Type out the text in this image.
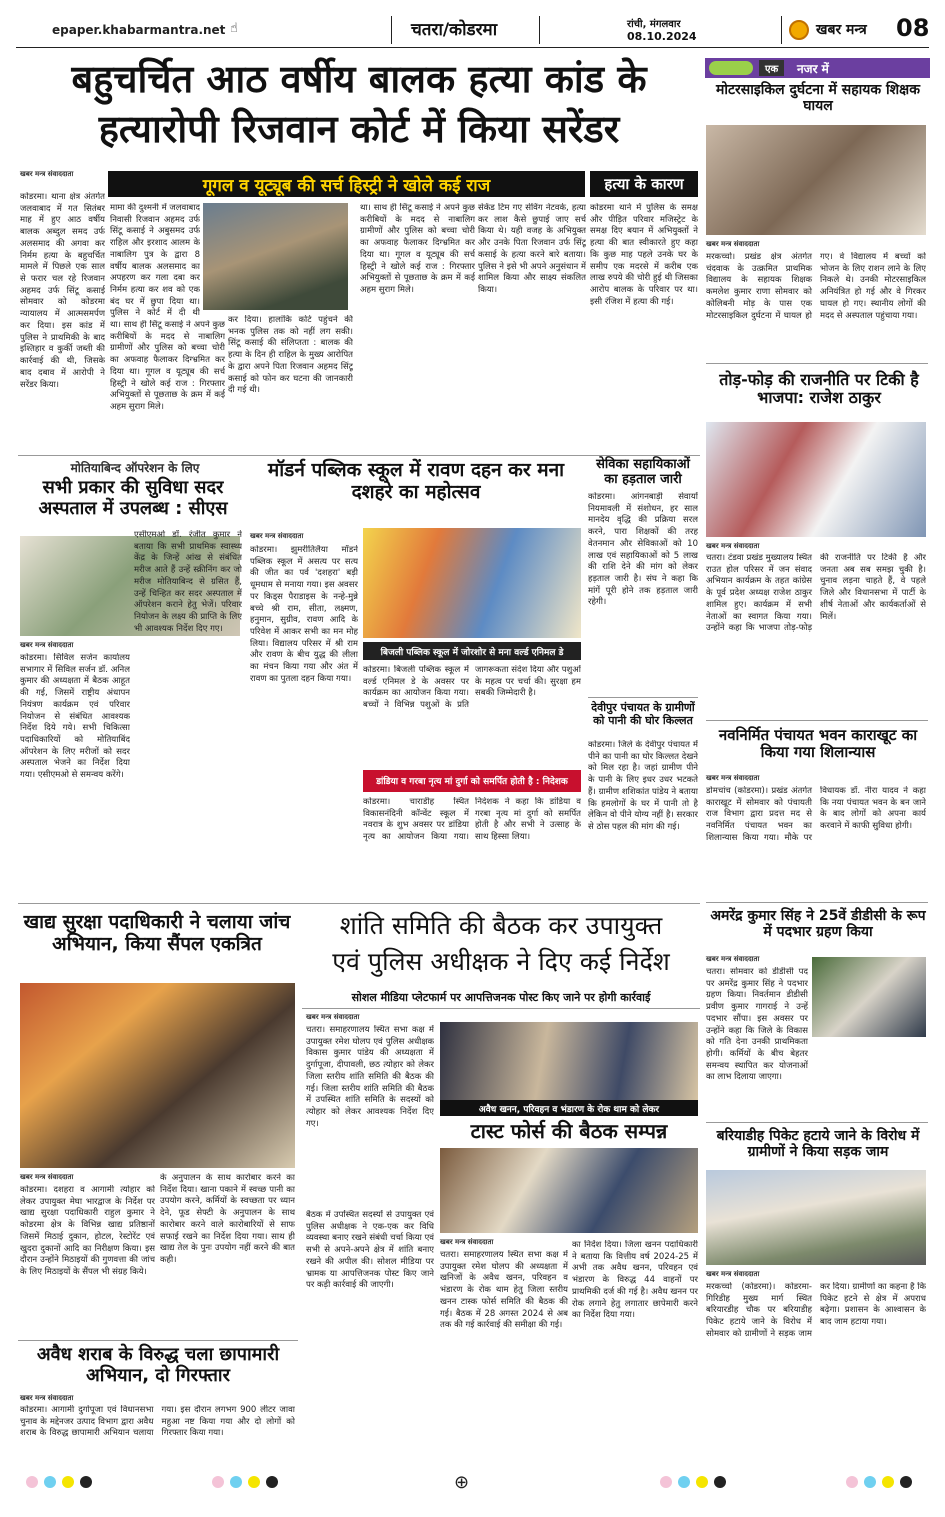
epaper.khabarmantra.net ☝	चतरा/कोडरमा	रांची, मंगलवार
08.10.2024	खबर मन्त्र 08
बहुचर्चित आठ वर्षीय बालक हत्या कांड के
हत्यारोपी रिजवान कोर्ट में किया सरेंडर
खबर मन्त्र संवाददाता
गूगल व यूट्यूब की सर्च हिस्ट्री ने खोले कई राज	हत्या के कारण
कोडरमा। थाना क्षेत्र अंतर्गत जलवाबाद में गत सितंबर माह में हुए आठ वर्षीय बालक अब्दुल समद उर्फ अलसमाद की अगवा कर निर्मम हत्या के बहुचर्चित मामले में पिछले एक साल से फरार चल रहे रिजवान अहमद उर्फ सिंटू कसाई सोमवार को कोडरमा न्यायालय में आत्मसमर्पण कर दिया। इस कांड में पुलिस ने प्राथमिकी के बाद इश्तिहार व कुर्की जब्ती की कार्रवाई की थी, जिसके बाद दबाव में आरोपी ने सरेंडर किया।
मामा की दुश्मनी में जलवाबाद निवासी रिजवान अहमद उर्फ सिंटू कसाई ने अबुसमद उर्फ राहिल और इरशाद आलम के नाबालिग पुत्र के द्वारा 8 वर्षीय बालक अलसमाद का अपहरण कर गला दबा कर निर्मम हत्या कर शव को एक बंद घर में छुपा दिया था। पुलिस ने कोर्ट में दी थी
था। साथ ही सिंटू कसाई ने अपने कुछ करीबियों के मदद से नाबालिग ग्रामीणों और पुलिस को बच्चा चोरी का अफवाह फैलाकर दिग्भ्रमित कर दिया था। गूगल व यूट्यूब की सर्च हिस्ट्री ने खोले कई राज : गिरफ्तार अभियुक्तों से पूछताछ के क्रम में कई अहम सुराग मिले।
कर दिया। हालांकि कोर्ट पहुंचने की भनक पुलिस तक को नहीं लग सकी। सिंटू कसाई की संलिप्तता : बालक की हत्या के दिन ही राहिल के मुख्य आरोपित के द्वारा अपने पिता रिजवान अहमद सिंटू कसाई को फोन कर घटना की जानकारी दी गई थी।
था। साथ ही सिंटू कसाई ने अपने कुछ करीबियों के मदद से नाबालिग ग्रामीणों और पुलिस को बच्चा चोरी का अफवाह फैलाकर दिग्भ्रमित कर दिया था। गूगल व यूट्यूब की सर्च हिस्ट्री ने खोले कई राज : गिरफ्तार अभियुक्तों से पूछताछ के क्रम में कई अहम सुराग मिले।
सेकेंड टिम गए सेविंग नेटवर्क, हत्या कर लाश कैसे छुपाई जाए सर्च किया थे। यही वजह के अभियुक्त और उनके पिता रिजवान उर्फ सिंटू कसाई के हत्या करने बारे बताया। पुलिस ने इसे भी अपने अनुसंधान में शामिल किया और साक्ष्य संकलित किया।
कोडरमा थाने में पुलिस के समक्ष और पीड़ित परिवार मजिस्ट्रेट के समक्ष दिए बयान में अभियुक्तों ने हत्या की बात स्वीकारते हुए कहा कि कुछ माह पहले उनके घर के समीप एक मदरसे में करीब एक लाख रुपये की चोरी हुई थी जिसका आरोप बालक के परिवार पर था। इसी रंजिश में हत्या की गई।
एक	नजर में
मोटरसाइकिल दुर्घटना में सहायक शिक्षक घायल
खबर मन्त्र संवाददाता
मरकच्चो। प्रखंड क्षेत्र अंतर्गत चंदवाक के उत्क्रमित प्राथमिक विद्यालय के सहायक शिक्षक कमलेश कुमार राणा सोमवार को कोलिबनी मोड़ के पास एक मोटरसाइकिल दुर्घटना में घायल हो गए। वे विद्यालय में बच्चों को भोजन के लिए राशन लाने के लिए निकले थे। उनकी मोटरसाइकिल अनियंत्रित हो गई और वे गिरकर घायल हो गए। स्थानीय लोगों की मदद से अस्पताल पहुंचाया गया।
तोड़-फोड़ की राजनीति पर टिकी है भाजपा: राजेश ठाकुर
खबर मन्त्र संवाददाता
चतरा। टंडवा प्रखंड मुख्यालय स्थित राउत होल परिसर में जन संवाद अभियान कार्यक्रम के तहत कांग्रेस के पूर्व प्रदेश अध्यक्ष राजेश ठाकुर शामिल हुए। कार्यक्रम में सभी नेताओं का स्वागत किया गया। उन्होंने कहा कि भाजपा तोड़-फोड़ की राजनीति पर टिकी है और जनता अब सब समझ चुकी है। चुनाव लड़ना चाहते हैं, वे पहले जिले और विधानसभा में पार्टी के शीर्ष नेताओं और कार्यकर्ताओं से मिलें।
नवनिर्मित पंचायत भवन काराखूट का किया गया शिलान्यास
खबर मन्त्र संवाददाता
डोमचांच (कोडरमा)। प्रखंड अंतर्गत काराखूट में सोमवार को पंचायती राज विभाग द्वारा प्रदत्त मद से नवनिर्मित पंचायत भवन का शिलान्यास किया गया। मौके पर विधायक डॉ. नीरा यादव ने कहा कि नया पंचायत भवन के बन जाने के बाद लोगों को अपना कार्य करवाने में काफी सुविधा होगी।
अमरेंद्र कुमार सिंह ने 25वें डीडीसी के रूप में पदभार ग्रहण किया
खबर मन्त्र संवाददाता
चतरा। सोमवार को डीडीसी पद पर अमरेंद्र कुमार सिंह ने पदभार ग्रहण किया। निवर्तमान डीडीसी प्रवीण कुमार गागराई ने उन्हें पदभार सौंपा। इस अवसर पर उन्होंने कहा कि जिले के विकास को गति देना उनकी प्राथमिकता होगी। कर्मियों के बीच बेहतर समन्वय स्थापित कर योजनाओं का लाभ दिलाया जाएगा।
बरियाडीह पिकेट हटाये जाने के विरोध में ग्रामीणों ने किया सड़क जाम
खबर मन्त्र संवाददाता
मरकच्चो (कोडरमा)। कोडरमा-गिरिडीह मुख्य मार्ग स्थित बरियारडीह चौक पर बरियाडीह पिकेट हटाये जाने के विरोध में सोमवार को ग्रामीणों ने सड़क जाम कर दिया। ग्रामीणों का कहना है कि पिकेट हटने से क्षेत्र में अपराध बढ़ेगा। प्रशासन के आश्वासन के बाद जाम हटाया गया।
मोतियाबिन्द ऑपरेशन के लिए
सभी प्रकार की सुविधा सदर अस्पताल में उपलब्ध : सीएस
खबर मन्त्र संवाददाता
कोडरमा। सिविल सर्जन कार्यालय सभागार में सिविल सर्जन डॉ. अनिल कुमार की अध्यक्षता में बैठक आहूत की गई, जिसमें राष्ट्रीय अंधापन नियंत्रण कार्यक्रम एवं परिवार नियोजन से संबंधित आवश्यक निर्देश दिये गये। सभी चिकित्सा पदाधिकारियों को मोतियाबिंद ऑपरेशन के लिए मरीजों को सदर अस्पताल भेजने का निर्देश दिया गया। एसीएमओ से समन्वय करेंगे।
एसीएमओ डॉ. रंजीत कुमार ने बताया कि सभी प्राथमिक स्वास्थ्य केंद्र के जिन्हें आंख से संबंधित मरीज आते हैं उन्हें स्क्रीनिंग कर जो मरीज मोतियाबिन्द से ग्रसित हैं, उन्हें चिन्हित कर सदर अस्पताल में ऑपरेशन कराने हेतु भेजें। परिवार नियोजन के लक्ष्य की प्राप्ति के लिए भी आवश्यक निर्देश दिए गए।
मॉडर्न पब्लिक स्कूल में रावण दहन कर मना दशहरे का महोत्सव
खबर मन्त्र संवाददाता
कोडरमा। झुमरीतिलैया मॉडर्न पब्लिक स्कूल में असत्य पर सत्य की जीत का पर्व 'दशहरा' बड़ी धूमधाम से मनाया गया। इस अवसर पर किड्स पैराडाइस के नन्हे-मुन्ने बच्चे श्री राम, सीता, लक्ष्मण, हनुमान, सुग्रीव, रावण आदि के परिवेश में आकर सभी का मन मोह लिया। विद्यालय परिसर में श्री राम और रावण के बीच युद्ध की लीला का मंचन किया गया और अंत में रावण का पुतला दहन किया गया।
बिजली पब्लिक स्कूल में जोरशोर से मना वर्ल्ड एनिमल डे
कोडरमा। बिजली पब्लिक स्कूल में वर्ल्ड एनिमल डे के अवसर पर कार्यक्रम का आयोजन किया गया। बच्चों ने विभिन्न पशुओं के प्रति जागरूकता संदेश दिया और पशुओं के महत्व पर चर्चा की। सुरक्षा हम सबकी जिम्मेदारी है।
डांडिया व गरबा नृत्य मां दुर्गा को समर्पित होती है : निदेशक
कोडरमा। चाराडीह स्थित विकासनंदिनी कॉन्वेंट स्कूल में नवरात्र के शुभ अवसर पर डांडिया नृत्य का आयोजन किया गया। निदेशक ने कहा कि डांडिया व गरबा नृत्य मां दुर्गा को समर्पित होती है और सभी ने उत्साह के साथ हिस्सा लिया।
सेविका सहायिकाओं का हड़ताल जारी
कोडरमा। आंगनबाड़ी सेवायों नियमावली में संशोधन, हर साल मानदेय वृद्धि की प्रक्रिया सरल करने, पारा शिक्षकों की तरह वेतनमान और सेविकाओं को 10 लाख एवं सहायिकाओं को 5 लाख की राशि देने की मांग को लेकर हड़ताल जारी है। संघ ने कहा कि मांगें पूरी होने तक हड़ताल जारी रहेगी।
देवीपुर पंचायत के ग्रामीणों को पानी की घोर किल्लत
कोडरमा। जिले के देवीपुर पंचायत में पीने का पानी का घोर किल्लत देखने को मिल रहा है। जहां ग्रामीण पीने के पानी के लिए इधर उधर भटकते हैं। ग्रामीण शशिकांत पांडेय ने बताया कि हमलोगों के घर में पानी तो है लेकिन वो पीने योग्य नहीं है। सरकार से ठोस पहल की मांग की गई।
खाद्य सुरक्षा पदाधिकारी ने चलाया जांच अभियान, किया सैंपल एकत्रित
खबर मन्त्र संवाददाता
कोडरमा। दशहरा व आगामी त्योहार को लेकर उपायुक्त मेघा भारद्वाज के निर्देश पर खाद्य सुरक्षा पदाधिकारी राहुल कुमार ने कोडरमा क्षेत्र के विभिन्न खाद्य प्रतिष्ठानों जिसमें मिठाई दुकान, होटल, रेस्टोरेंट एवं खुदरा दुकानों आदि का निरीक्षण किया। इस दौरान उन्होंने मिठाइयों की गुणवत्ता की जांच के लिए मिठाइयों के सैंपल भी संग्रह किये।
के अनुपालन के साथ कारोबार करने का निर्देश दिया। खाना पकाने में स्वच्छ पानी का उपयोग करने, कर्मियों के स्वच्छता पर ध्यान देने, फूड सेफ्टी के अनुपालन के साथ कारोबार करने वाले कारोबारियों से साफ सफाई रखने का निर्देश दिया गया। साथ ही खाद्य तेल के पुनः उपयोग नहीं करने की बात कही।
अवैध शराब के विरुद्ध चला छापामारी अभियान, दो गिरफ्तार
खबर मन्त्र संवाददाता
कोडरमा। आगामी दुर्गापूजा एवं विधानसभा चुनाव के मद्देनजर उत्पाद विभाग द्वारा अवैध शराब के विरुद्ध छापामारी अभियान चलाया गया। इस दौरान लगभग 900 लीटर जावा महुआ नष्ट किया गया और दो लोगों को गिरफ्तार किया गया।
शांति समिति की बैठक कर उपायुक्त
एवं पुलिस अधीक्षक ने दिए कई निर्देश
सोशल मीडिया प्लेटफार्म पर आपत्तिजनक पोस्ट किए जाने पर होगी कार्रवाई
खबर मन्त्र संवाददाता
चतरा। समाहरणालय स्थित सभा कक्ष में उपायुक्त रमेश घोलप एवं पुलिस अधीक्षक विकास कुमार पांडेय की अध्यक्षता में दुर्गापूजा, दीपावली, छठ त्योहार को लेकर जिला स्तरीय शांति समिति की बैठक की गई। जिला स्तरीय शांति समिति की बैठक में उपस्थित शांति समिति के सदस्यों को त्योहार को लेकर आवश्यक निर्देश दिए गए।
अवैध खनन, परिवहन व भंडारण के रोक थाम को लेकर
टास्ट फोर्स की बैठक सम्पन्न
बैठक में उपस्थित सदस्यों से उपायुक्त एवं पुलिस अधीक्षक ने एक-एक कर विधि व्यवस्था बनाए रखने संबंधी चर्चा किया एवं सभी से अपने-अपने क्षेत्र में शांति बनाए रखने की अपील की। सोशल मीडिया पर भ्रामक या आपत्तिजनक पोस्ट किए जाने पर कड़ी कार्रवाई की जाएगी।
खबर मन्त्र संवाददाता
चतरा। समाहरणालय स्थित सभा कक्ष में उपायुक्त रमेश घोलप की अध्यक्षता में खनिजों के अवैध खनन, परिवहन व भंडारण के रोक थाम हेतु जिला स्तरीय खनन टास्क फोर्स समिति की बैठक की गई। बैठक में 28 अगस्त 2024 से अब तक की गई कार्रवाई की समीक्षा की गई।
का निर्देश दिया। जिला खनन पदाधिकारी ने बताया कि वित्तीय वर्ष 2024-25 में अभी तक अवैध खनन, परिवहन एवं भंडारण के विरुद्ध 44 वाहनों पर प्राथमिकी दर्ज की गई है। अवैध खनन पर रोक लगाने हेतु लगातार छापेमारी करने का निर्देश दिया गया।
⊕
